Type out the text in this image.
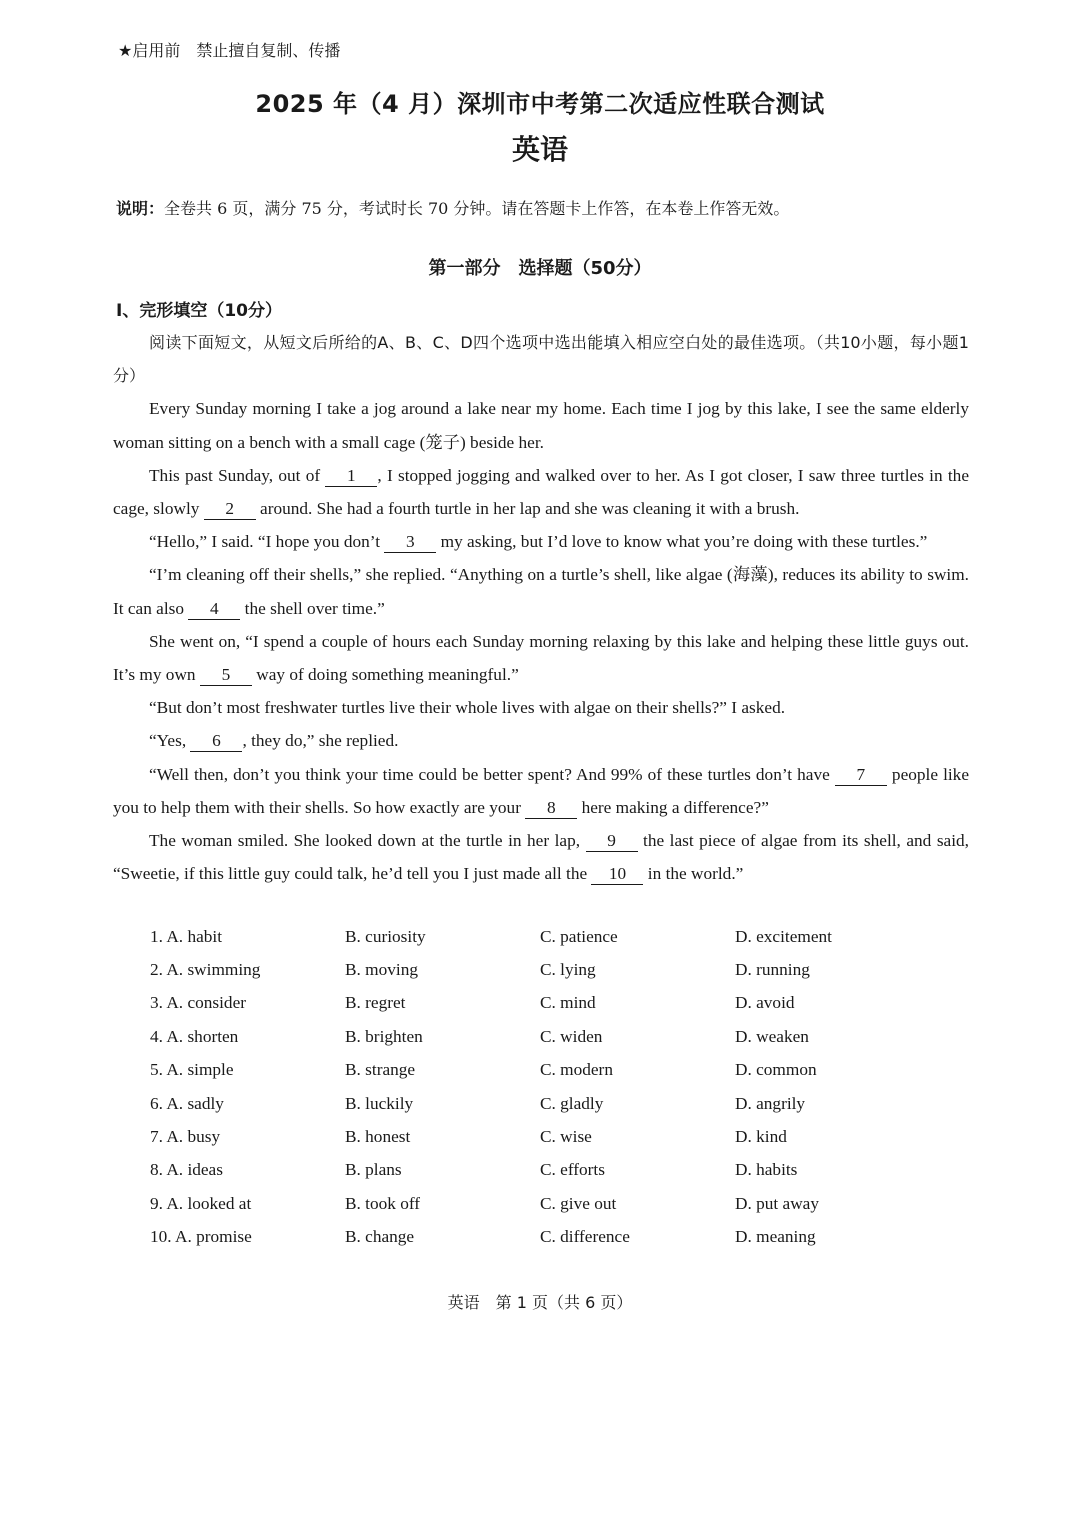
★启用前　禁止擅自复制、传播
2025 年（4 月）深圳市中考第二次适应性联合测试
英语
说明：全卷共 6 页，满分 75 分，考试时长 70 分钟。请在答题卡上作答，在本卷上作答无效。
第一部分　选择题（50分）
Ⅰ、完形填空（10分）

阅读下面短文，从短文后所给的A、B、C、D四个选项中选出能填入相应空白处的最佳选项。（共10小题，每小题1分）

Every Sunday morning I take a jog around a lake near my home. Each time I jog by this lake, I see the same elderly woman sitting on a bench with a small cage (笼子) beside her.

This past Sunday, out of 1 , I stopped jogging and walked over to her. As I got closer, I saw three turtles in the cage, slowly 2 around. She had a fourth turtle in her lap and she was cleaning it with a brush.

“Hello,” I said. “I hope you don’t 3 my asking, but I’d love to know what you’re doing with these turtles.”

“I’m cleaning off their shells,” she replied. “Anything on a turtle’s shell, like algae (海藻), reduces its ability to swim. It can also 4 the shell over time.”

She went on, “I spend a couple of hours each Sunday morning relaxing by this lake and helping these little guys out. It’s my own 5 way of doing something meaningful.”

“But don’t most freshwater turtles live their whole lives with algae on their shells?” I asked.

“Yes, 6 , they do,” she replied.

“Well then, don’t you think your time could be better spent? And 99% of these turtles don’t have 7 people like you to help them with their shells. So how exactly are your 8 here making a difference?”

The woman smiled. She looked down at the turtle in her lap, 9 the last piece of algae from its shell, and said, “Sweetie, if this little guy could talk, he’d tell you I just made all the 10 in the world.”

1. A. habit	B. curiosity	C. patience	D. excitement
2. A. swimming	B. moving	C. lying	D. running
3. A. consider	B. regret	C. mind	D. avoid
4. A. shorten	B. brighten	C. widen	D. weaken
5. A. simple	B. strange	C. modern	D. common
6. A. sadly	B. luckily	C. gladly	D. angrily
7. A. busy	B. honest	C. wise	D. kind
8. A. ideas	B. plans	C. efforts	D. habits
9. A. looked at	B. took off	C. give out	D. put away
10. A. promise	B. change	C. difference	D. meaning
英语　第 1 页（共 6 页）
